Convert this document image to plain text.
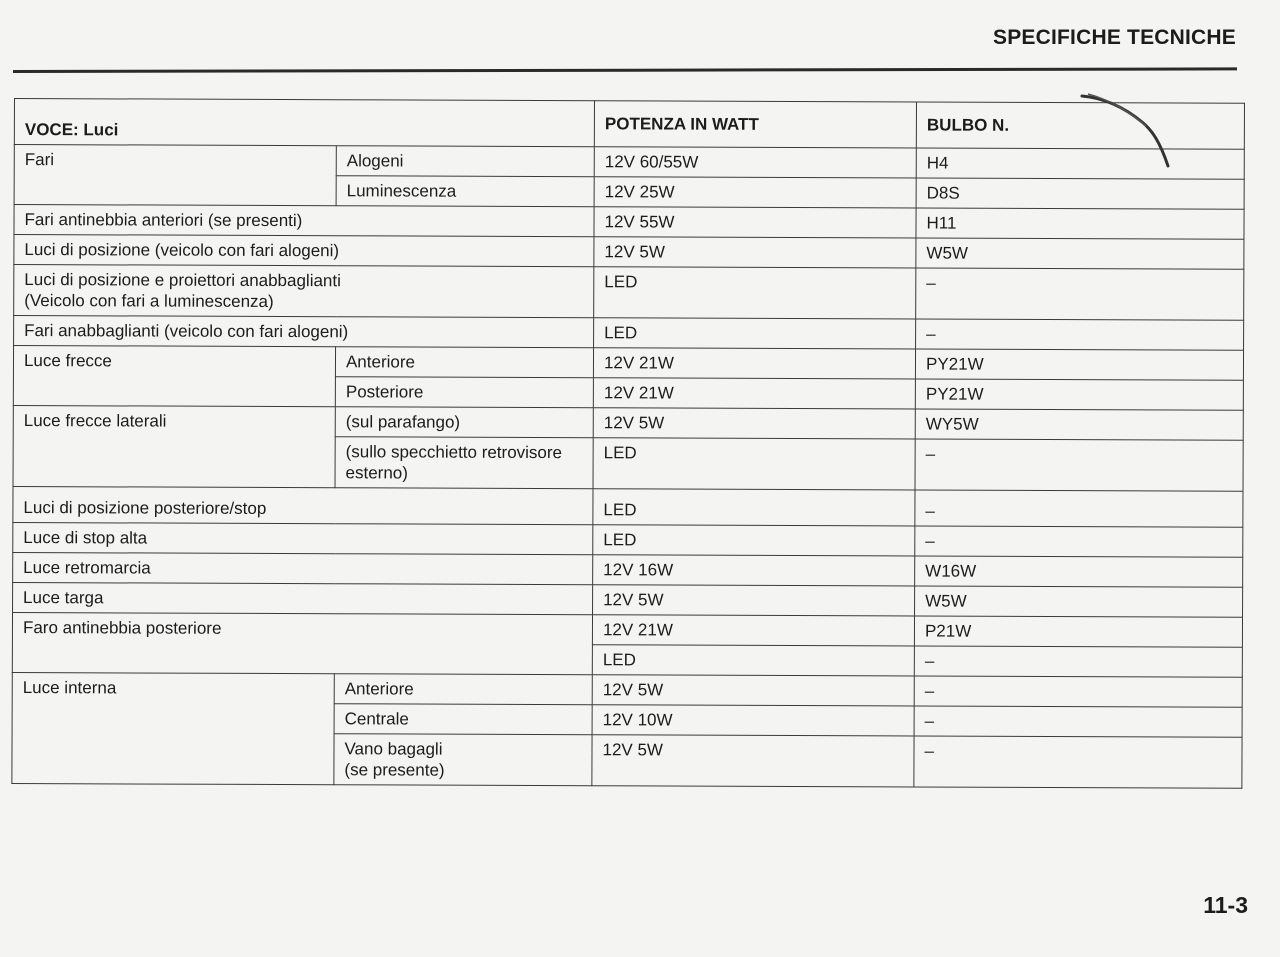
SPECIFICHE TECNICHE
VOCE: Luci		POTENZA IN WATT	BULBO N.
Fari	Alogeni	12V 60/55W	H4
	Luminescenza	12V 25W	D8S
Fari antinebbia anteriori (se presenti)		12V 55W	H11
Luci di posizione (veicolo con fari alogeni)		12V 5W	W5W

Luci di posizione e proiettori anabbaglianti
(Veicolo con fari a luminescenza)		LED	–
Fari anabbaglianti (veicolo con fari alogeni)		LED	–
Luce frecce	Anteriore	12V 21W	PY21W
	Posteriore	12V 21W	PY21W
Luce frecce laterali	(sul parafango)	12V 5W	WY5W

	(sullo specchietto retrovisore
esterno)	LED	–
Luci di posizione posteriore/stop		LED	–
Luce di stop alta		LED	–
Luce retromarcia		12V 16W	W16W
Luce targa		12V 5W	W5W
Faro antinebbia posteriore		12V 21W	P21W
		LED	–
Luce interna	Anteriore	12V 5W	–
	Centrale	12V 10W	–

	Vano bagagli
(se presente)	12V 5W	–
11-3
